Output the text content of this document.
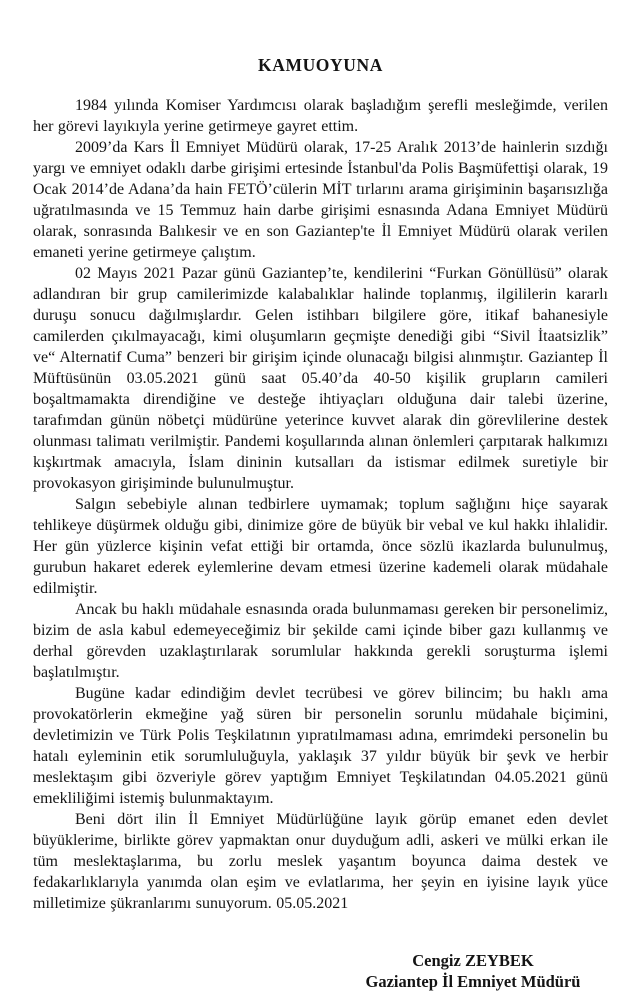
KAMUOYUNA

1984 yılında Komiser Yardımcısı olarak başladığım şerefli mesleğimde, verilen her görevi layıkıyla yerine getirmeye gayret ettim.

2009’da Kars İl Emniyet Müdürü olarak, 17-25 Aralık 2013’de hainlerin sızdığı yargı ve emniyet odaklı darbe girişimi ertesinde İstanbul'da Polis Başmüfettişi olarak, 19 Ocak 2014’de Adana’da hain FETÖ’cülerin MİT tırlarını arama girişiminin başarısızlığa uğratılmasında ve 15 Temmuz hain darbe girişimi esnasında Adana Emniyet Müdürü olarak, sonrasında Balıkesir ve en son Gaziantep'te İl Emniyet Müdürü olarak verilen emaneti yerine getirmeye çalıştım.

02 Mayıs 2021 Pazar günü Gaziantep’te, kendilerini “Furkan Gönüllüsü” olarak adlandıran bir grup camilerimizde kalabalıklar halinde toplanmış, ilgililerin kararlı duruşu sonucu dağılmışlardır. Gelen istihbarı bilgilere göre, itikaf bahanesiyle camilerden çıkılmayacağı, kimi oluşumların geçmişte denediği gibi “Sivil İtaatsizlik” ve“ Alternatif Cuma” benzeri bir girişim içinde olunacağı bilgisi alınmıştır. Gaziantep İl Müftüsünün 03.05.2021 günü saat 05.40’da 40-50 kişilik grupların camileri boşaltmamakta direndiğine ve desteğe ihtiyaçları olduğuna dair talebi üzerine, tarafımdan günün nöbetçi müdürüne yeterince kuvvet alarak din görevlilerine destek olunması talimatı verilmiştir. Pandemi koşullarında alınan önlemleri çarpıtarak halkımızı kışkırtmak amacıyla, İslam dininin kutsalları da istismar edilmek suretiyle bir provokasyon girişiminde bulunulmuştur.

Salgın sebebiyle alınan tedbirlere uymamak; toplum sağlığını hiçe sayarak tehlikeye düşürmek olduğu gibi, dinimize göre de büyük bir vebal ve kul hakkı ihlalidir. Her gün yüzlerce kişinin vefat ettiği bir ortamda, önce sözlü ikazlarda bulunulmuş, gurubun hakaret ederek eylemlerine devam etmesi üzerine kademeli olarak müdahale edilmiştir.

Ancak bu haklı müdahale esnasında orada bulunmaması gereken bir personelimiz, bizim de asla kabul edemeyeceğimiz bir şekilde cami içinde biber gazı kullanmış ve derhal görevden uzaklaştırılarak sorumlular hakkında gerekli soruşturma işlemi başlatılmıştır.

Bugüne kadar edindiğim devlet tecrübesi ve görev bilincim; bu haklı ama provokatörlerin ekmeğine yağ süren bir personelin sorunlu müdahale biçimini, devletimizin ve Türk Polis Teşkilatının yıpratılmaması adına, emrimdeki personelin bu hatalı eyleminin etik sorumluluğuyla, yaklaşık 37 yıldır büyük bir şevk ve herbir meslektaşım gibi özveriyle görev yaptığım Emniyet Teşkilatından 04.05.2021 günü emekliliğimi istemiş bulunmaktayım.

Beni dört ilin İl Emniyet Müdürlüğüne layık görüp emanet eden devlet büyüklerime, birlikte görev yapmaktan onur duyduğum adli, askeri ve mülki erkan ile tüm meslektaşlarıma, bu zorlu meslek yaşantım boyunca daima destek ve fedakarlıklarıyla yanımda olan eşim ve evlatlarıma, her şeyin en iyisine layık yüce milletimize şükranlarımı sunuyorum. 05.05.2021

Cengiz ZEYBEK
Gaziantep İl Emniyet Müdürü
